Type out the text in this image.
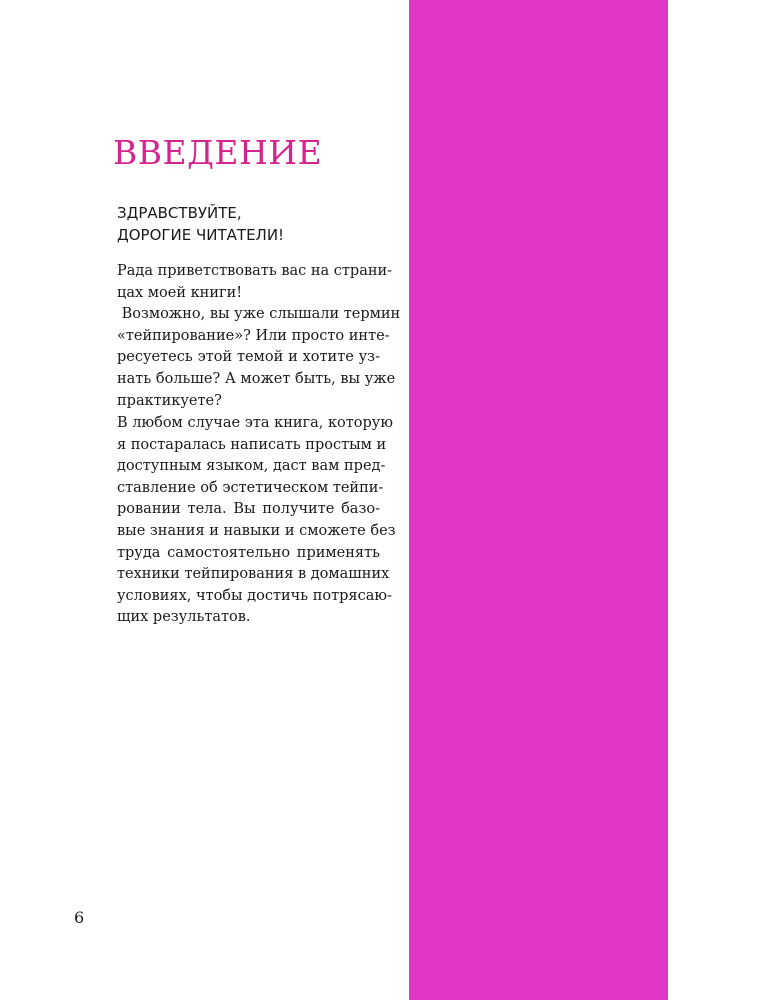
ВВЕДЕНИЕ
ЗДРАВСТВУЙТЕ,
ДОРОГИЕ ЧИТАТЕЛИ!

Рада приветствовать вас на страни-
цах моей книги!
Возможно, вы уже слышали термин
«тейпирование»? Или просто инте-
ресуетесь этой темой и хотите уз-
нать больше? А может быть, вы уже
практикуете?

В любом случае эта книга, которую
я постаралась написать простым и
доступным языком, даст вам пред-
ставление об эстетическом тейпи-
ровании тела. Вы получите базо-
вые знания и навыки и сможете без
труда самостоятельно применять
техники тейпирования в домашних
условиях, чтобы достичь потрясаю-
щих результатов.

6
